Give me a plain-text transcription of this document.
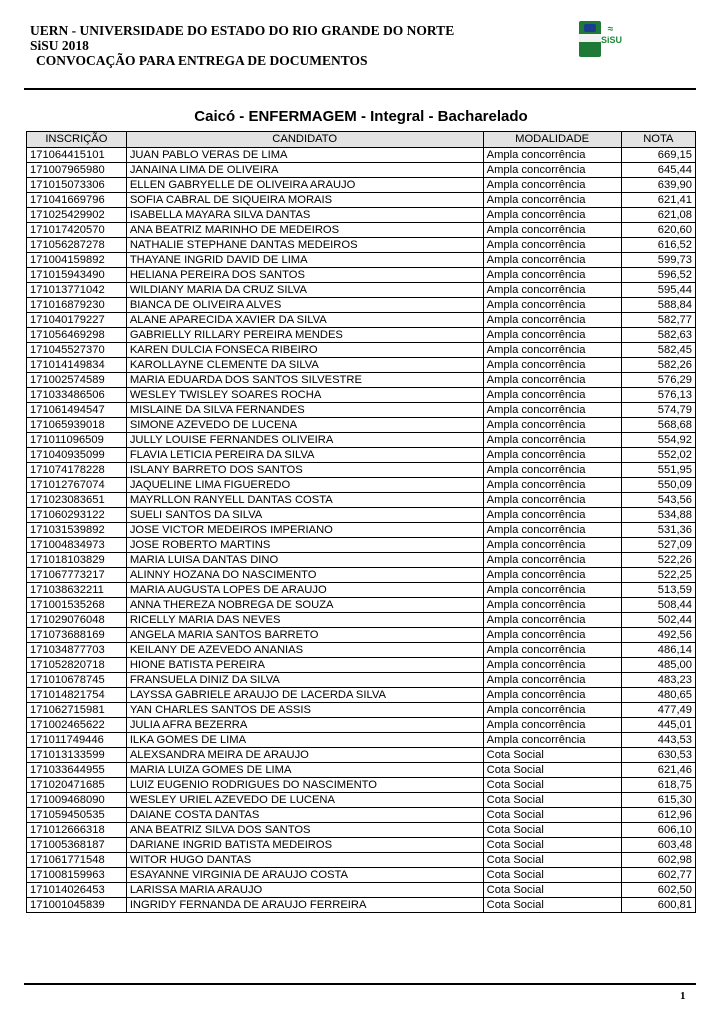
UERN - UNIVERSIDADE DO ESTADO DO RIO GRANDE DO NORTE
SiSU 2018
CONVOCAÇÃO PARA ENTREGA DE DOCUMENTOS
≈
SiSU
Caicó - ENFERMAGEM - Integral - Bacharelado
INSCRIÇÃO	CANDIDATO	MODALIDADE	NOTA
171064415101	JUAN PABLO VERAS DE LIMA	Ampla concorrência	669,15
171007965980	JANAINA LIMA DE OLIVEIRA	Ampla concorrência	645,44
171015073306	ELLEN GABRYELLE DE OLIVEIRA ARAUJO	Ampla concorrência	639,90
171041669796	SOFIA CABRAL DE SIQUEIRA MORAIS	Ampla concorrência	621,41
171025429902	ISABELLA MAYARA SILVA DANTAS	Ampla concorrência	621,08
171017420570	ANA BEATRIZ MARINHO DE MEDEIROS	Ampla concorrência	620,60
171056287278	NATHALIE STEPHANE DANTAS MEDEIROS	Ampla concorrência	616,52
171004159892	THAYANE INGRID DAVID DE LIMA	Ampla concorrência	599,73
171015943490	HELIANA PEREIRA DOS SANTOS	Ampla concorrência	596,52
171013771042	WILDIANY MARIA DA CRUZ SILVA	Ampla concorrência	595,44
171016879230	BIANCA DE OLIVEIRA ALVES	Ampla concorrência	588,84
171040179227	ALANE APARECIDA XAVIER DA SILVA	Ampla concorrência	582,77
171056469298	GABRIELLY RILLARY PEREIRA MENDES	Ampla concorrência	582,63
171045527370	KAREN DULCIA FONSECA RIBEIRO	Ampla concorrência	582,45
171014149834	KAROLLAYNE CLEMENTE DA SILVA	Ampla concorrência	582,26
171002574589	MARIA EDUARDA DOS SANTOS SILVESTRE	Ampla concorrência	576,29
171033486506	WESLEY TWISLEY SOARES ROCHA	Ampla concorrência	576,13
171061494547	MISLAINE DA SILVA FERNANDES	Ampla concorrência	574,79
171065939018	SIMONE AZEVEDO DE LUCENA	Ampla concorrência	568,68
171011096509	JULLY LOUISE FERNANDES OLIVEIRA	Ampla concorrência	554,92
171040935099	FLAVIA LETICIA PEREIRA DA SILVA	Ampla concorrência	552,02
171074178228	ISLANY BARRETO DOS SANTOS	Ampla concorrência	551,95
171012767074	JAQUELINE LIMA FIGUEREDO	Ampla concorrência	550,09
171023083651	MAYRLLON RANYELL DANTAS COSTA	Ampla concorrência	543,56
171060293122	SUELI SANTOS DA SILVA	Ampla concorrência	534,88
171031539892	JOSE VICTOR MEDEIROS IMPERIANO	Ampla concorrência	531,36
171004834973	JOSE ROBERTO MARTINS	Ampla concorrência	527,09
171018103829	MARIA LUISA DANTAS DINO	Ampla concorrência	522,26
171067773217	ALINNY HOZANA DO NASCIMENTO	Ampla concorrência	522,25
171038632211	MARIA AUGUSTA LOPES DE ARAUJO	Ampla concorrência	513,59
171001535268	ANNA THEREZA NOBREGA DE SOUZA	Ampla concorrência	508,44
171029076048	RICELLY MARIA DAS NEVES	Ampla concorrência	502,44
171073688169	ANGELA MARIA SANTOS BARRETO	Ampla concorrência	492,56
171034877703	KEILANY DE AZEVEDO ANANIAS	Ampla concorrência	486,14
171052820718	HIONE BATISTA PEREIRA	Ampla concorrência	485,00
171010678745	FRANSUELA DINIZ DA SILVA	Ampla concorrência	483,23
171014821754	LAYSSA GABRIELE ARAUJO DE LACERDA SILVA	Ampla concorrência	480,65
171062715981	YAN CHARLES SANTOS DE ASSIS	Ampla concorrência	477,49
171002465622	JULIA AFRA BEZERRA	Ampla concorrência	445,01
171011749446	ILKA GOMES DE LIMA	Ampla concorrência	443,53
171013133599	ALEXSANDRA MEIRA DE ARAUJO	Cota Social	630,53
171033644955	MARIA LUIZA GOMES DE LIMA	Cota Social	621,46
171020471685	LUIZ EUGENIO RODRIGUES DO NASCIMENTO	Cota Social	618,75
171009468090	WESLEY URIEL AZEVEDO DE LUCENA	Cota Social	615,30
171059450535	DAIANE COSTA DANTAS	Cota Social	612,96
171012666318	ANA BEATRIZ SILVA DOS SANTOS	Cota Social	606,10
171005368187	DARIANE INGRID BATISTA MEDEIROS	Cota Social	603,48
171061771548	WITOR HUGO DANTAS	Cota Social	602,98
171008159963	ESAYANNE VIRGINIA DE ARAUJO COSTA	Cota Social	602,77
171014026453	LARISSA MARIA ARAUJO	Cota Social	602,50
171001045839	INGRIDY FERNANDA DE ARAUJO FERREIRA	Cota Social	600,81
1
